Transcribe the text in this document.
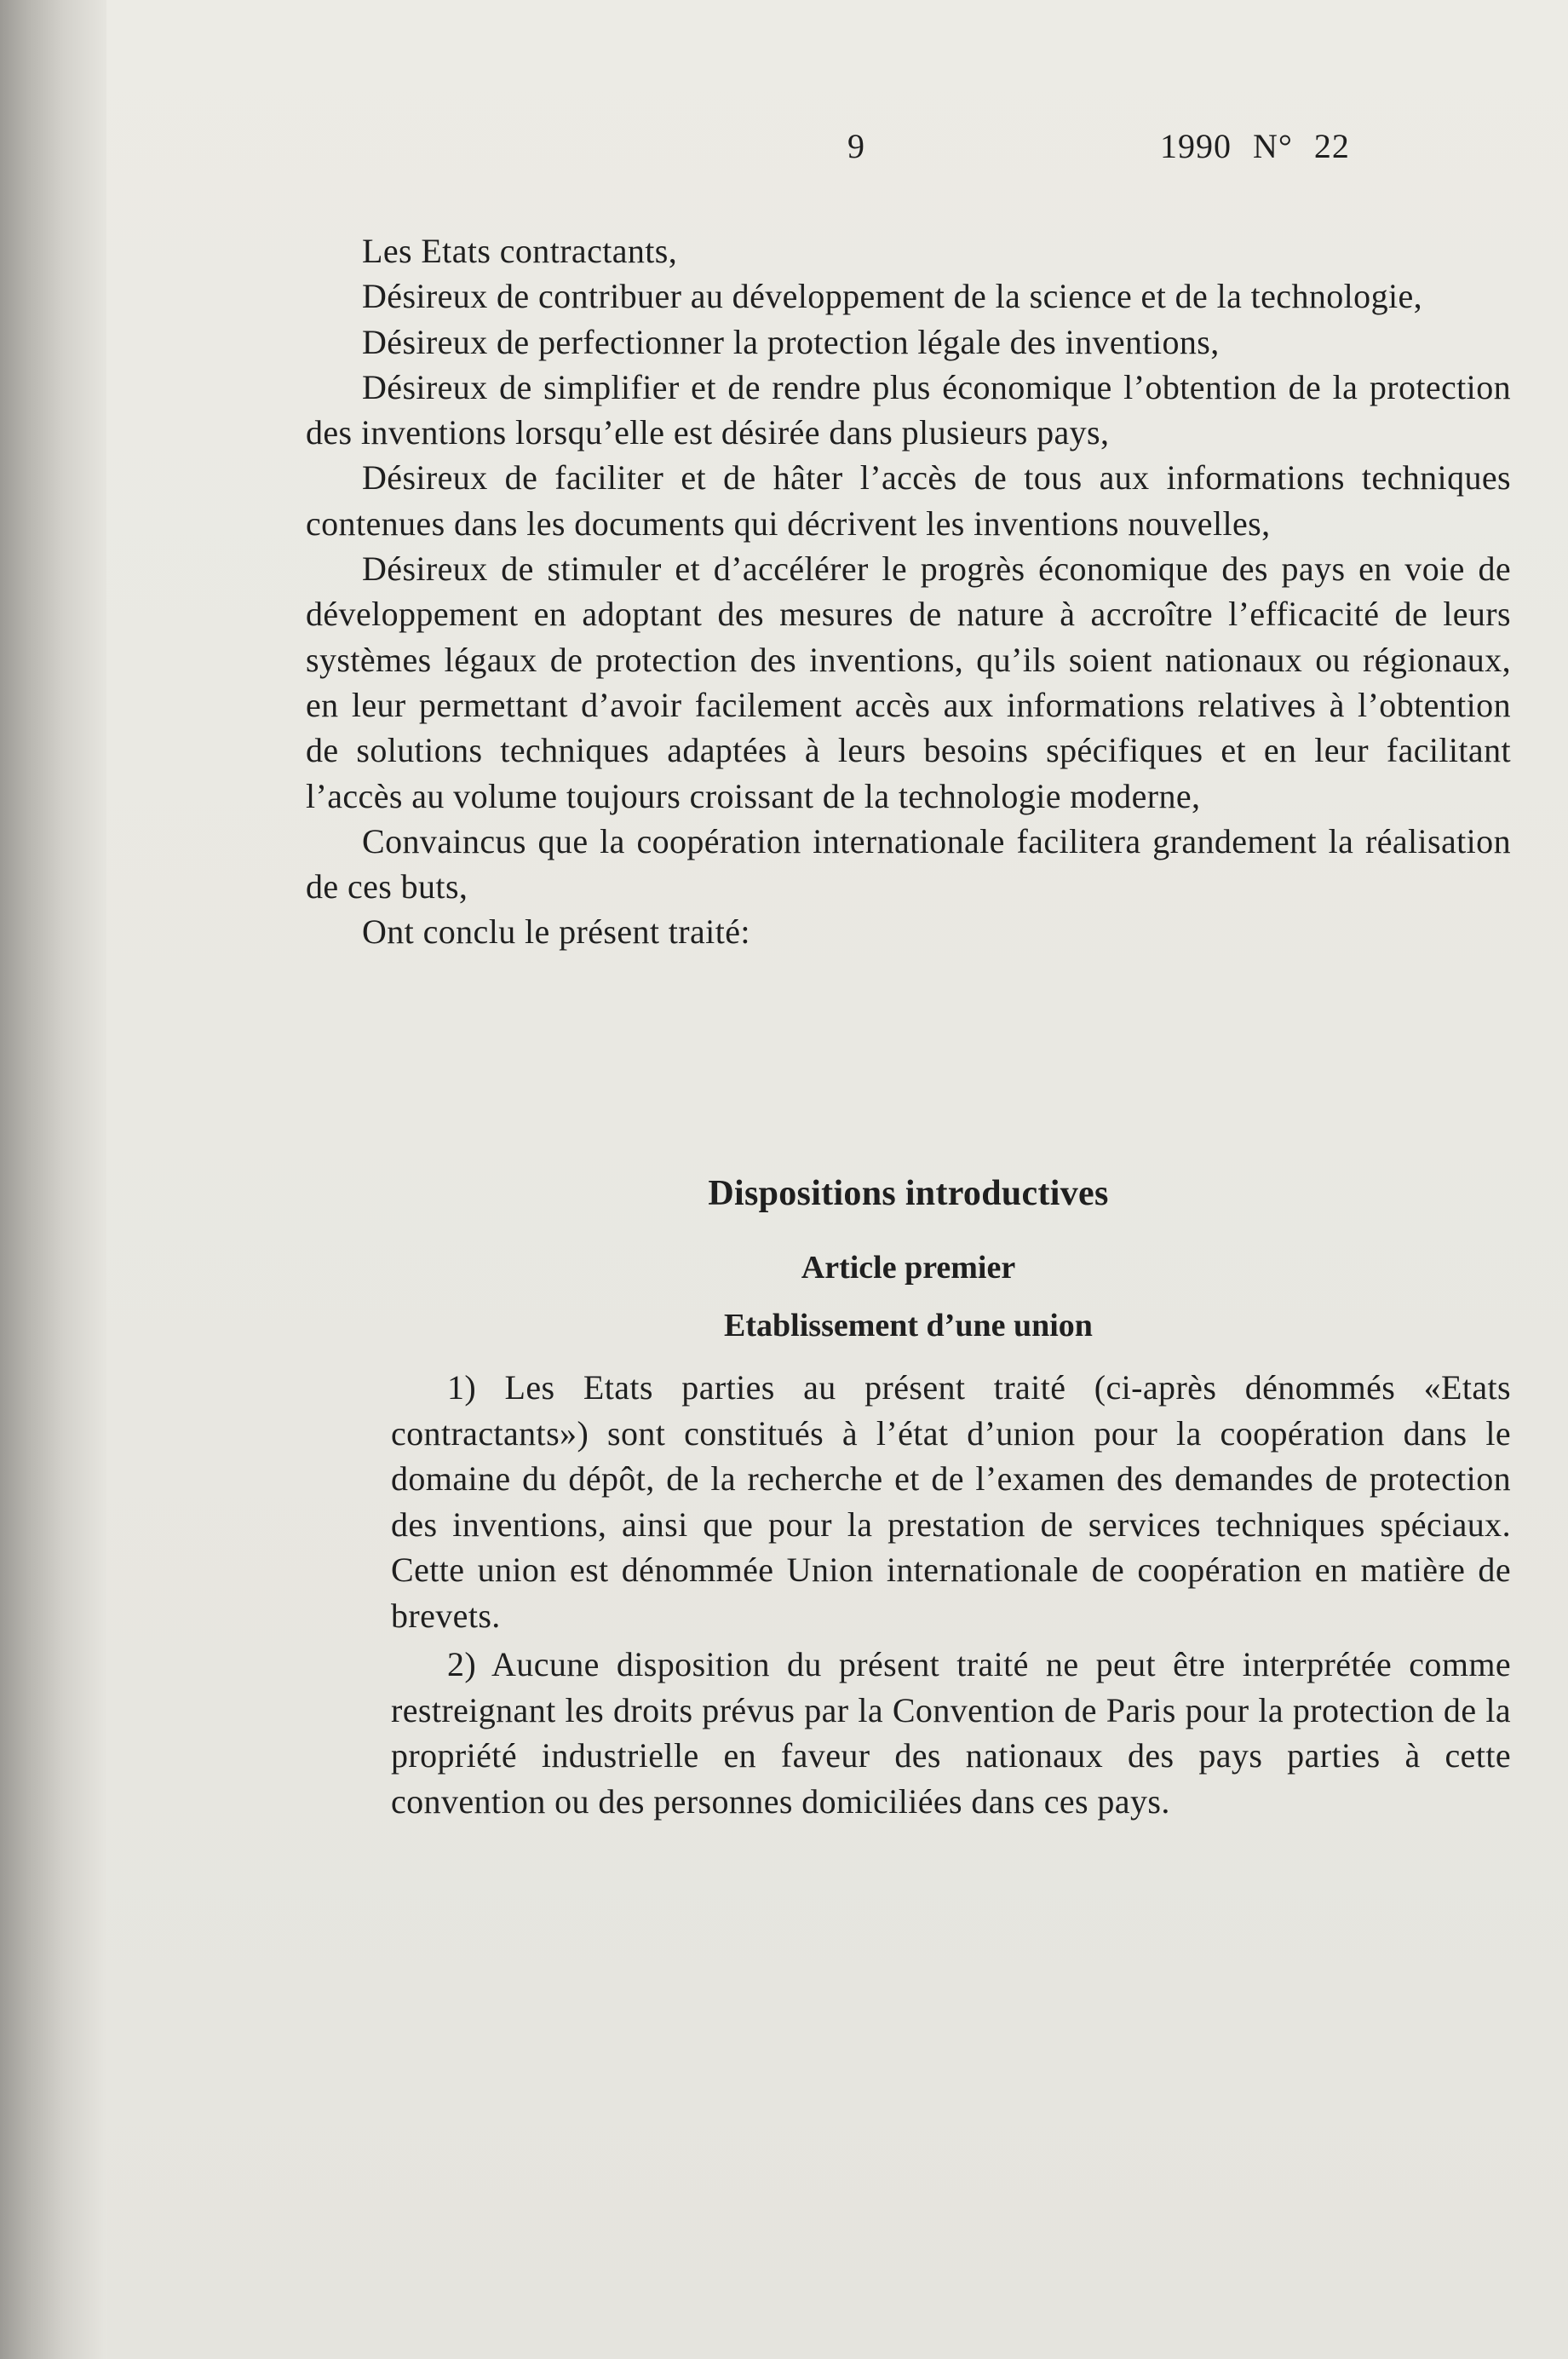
9	1990 N° 22

Les Etats contractants,

Désireux de contribuer au développement de la science et de la technologie,

Désireux de perfectionner la protection légale des inventions,

Désireux de simplifier et de rendre plus économique l’obtention de la protection des inventions lorsqu’elle est désirée dans plusieurs pays,

Désireux de faciliter et de hâter l’accès de tous aux informations techniques contenues dans les documents qui décrivent les inventions nouvelles,

Désireux de stimuler et d’accélérer le progrès économique des pays en voie de développement en adoptant des mesures de nature à accroître l’efficacité de leurs systèmes légaux de protection des inventions, qu’ils soient nationaux ou régionaux, en leur permettant d’avoir facilement accès aux informations relatives à l’obtention de solutions techniques adaptées à leurs besoins spécifiques et en leur facilitant l’accès au volume toujours croissant de la technologie moderne,

Convaincus que la coopération internationale facilitera grandement la réalisation de ces buts,

Ont conclu le présent traité:

Dispositions introductives
Article premier
Etablissement d’une union

1) Les Etats parties au présent traité (ci-après dénommés «Etats contractants») sont constitués à l’état d’union pour la coopération dans le domaine du dépôt, de la recherche et de l’examen des demandes de protection des inventions, ainsi que pour la prestation de services techniques spéciaux. Cette union est dénommée Union internationale de coopération en matière de brevets.

2) Aucune disposition du présent traité ne peut être interprétée comme restreignant les droits prévus par la Convention de Paris pour la protection de la propriété industrielle en faveur des nationaux des pays parties à cette convention ou des personnes domiciliées dans ces pays.
